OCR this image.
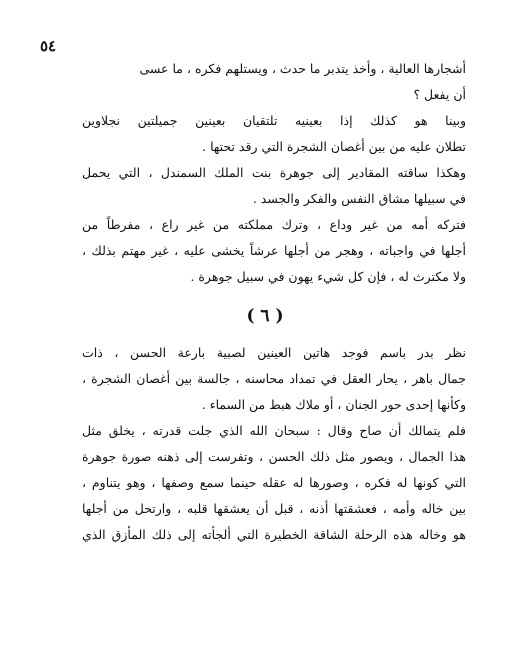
٥٤
أشجارها العالية ، وأخذ يتدبر ما حدث ، ويستلهم فكره ، ما عسى
أن يفعل ؟
وبينا هو كذلك إذا بعينيه تلتقيان بعينين جميلتين نجلاوين
تطلان عليه من بين أغصان الشجرة التي رقد تحتها .
وهكذا ساقته المقادير إلى جوهرة بنت الملك السمندل ، التي يحمل
في سبيلها مشاق النفس والفكر والجسد .
فتركه أمه من غير وداع ، وترك مملكته من غير راع ، مفرطاً من
أجلها في واجباته ، وهجر من أجلها عرشاً يخشى عليه ، غير مهتم بذلك ،
ولا مكترث له ، فإن كل شيء يهون في سبيل جوهرة .
( ٦ )
نظر بدر باسم فوجد هاتين العينين لصبية بارعة الحسن ، ذات
جمال باهر ، يحار العقل في تمداد محاسنه ، جالسة بين أغصان الشجرة ،
وكأنها إحدى حور الجنان ، أو ملاك هبط من السماء .
فلم يتمالك أن صاح وقال : سبحان الله الذي جلت قدرته ، يخلق مثل
هذا الجمال ، ويصور مثل ذلك الحسن ، وتفرست إلى ذهنه صورة جوهرة
التي كونها له فكره ، وصورها له عقله حينما سمع وصفها ، وهو يتناوم ،
بين خاله وأمه ، فعشقتها أذنه ، قبل أن يعشقها قلبه ، وارتحل من أجلها
هو وخاله هذه الرحلة الشاقة الخطيرة التي ألجأته إلى ذلك المأزق الذي
